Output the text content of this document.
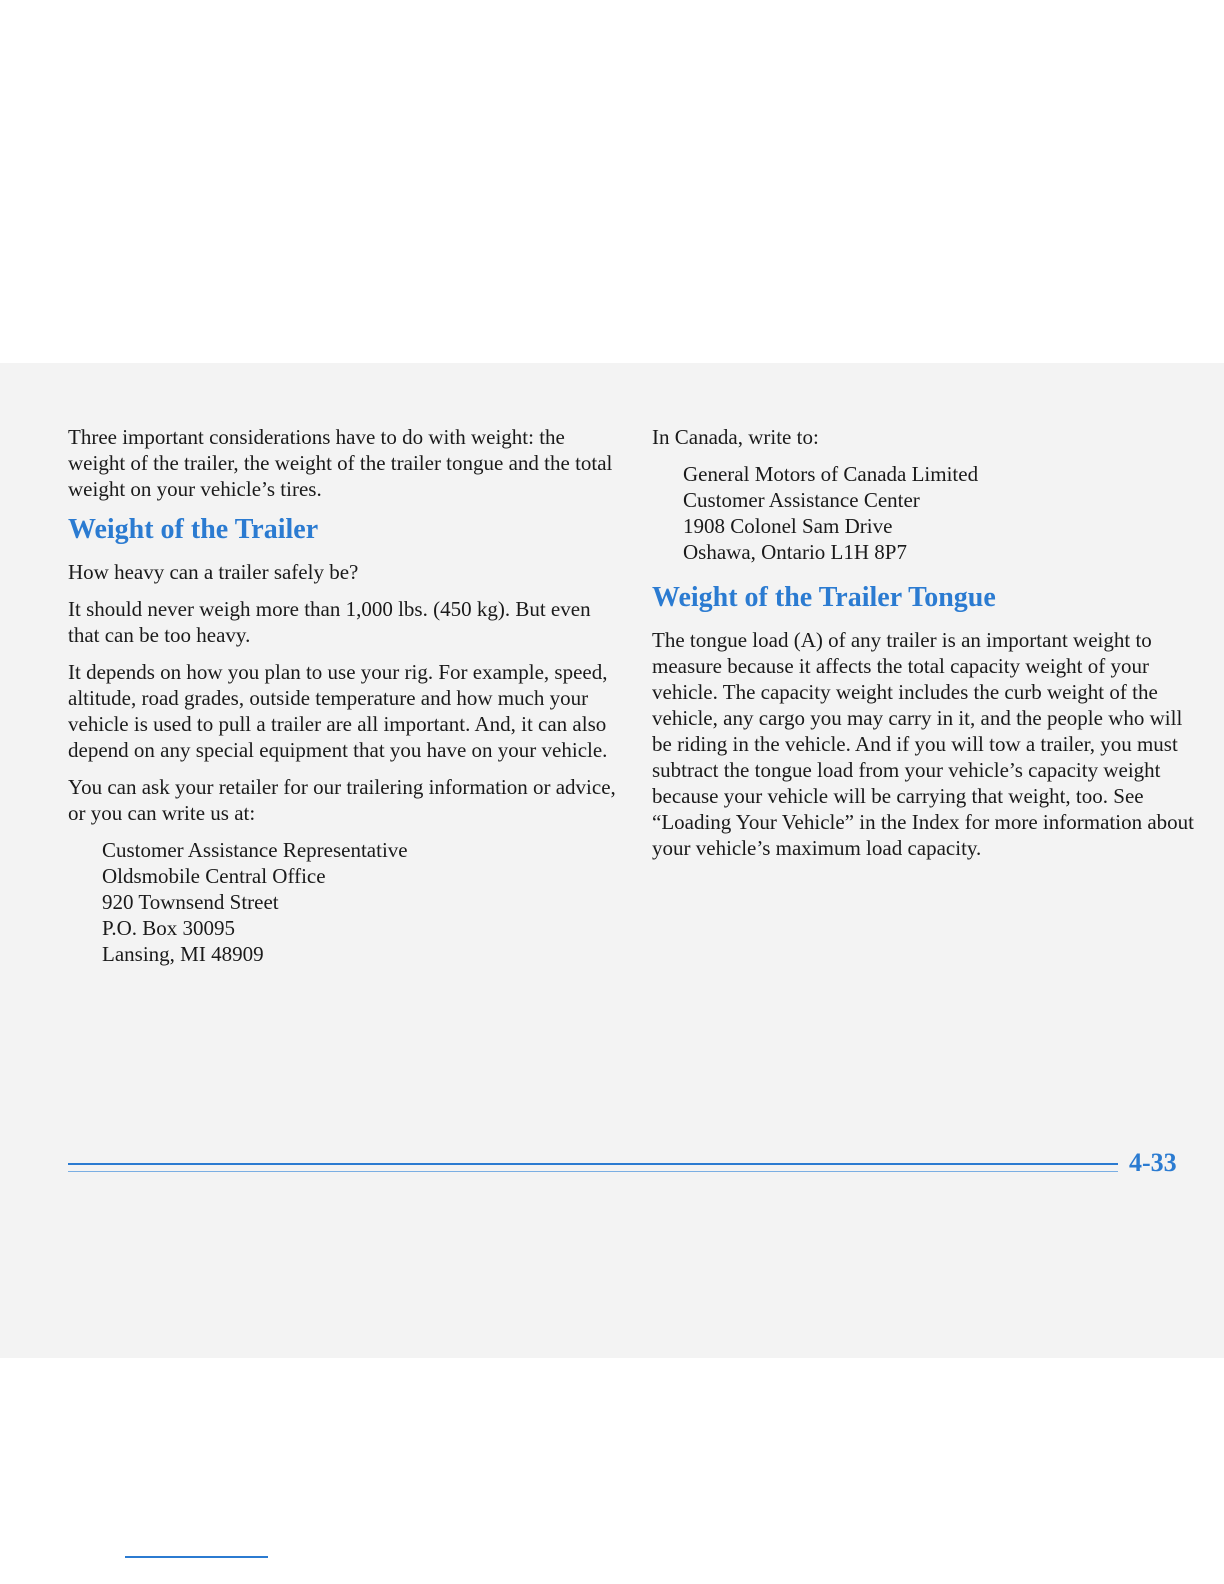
Three important considerations have to do with weight: the weight of the trailer, the weight of the trailer tongue and the total weight on your vehicle’s tires.

Weight of the Trailer

How heavy can a trailer safely be?

It should never weigh more than 1,000 lbs. (450 kg). But even that can be too heavy.

It depends on how you plan to use your rig. For example, speed, altitude, road grades, outside temperature and how much your vehicle is used to pull a trailer are all important. And, it can also depend on any special equipment that you have on your vehicle.

You can ask your retailer for our trailering information or advice, or you can write us at:

Customer Assistance Representative
Oldsmobile Central Office
920 Townsend Street
P.O. Box 30095
Lansing, MI 48909

In Canada, write to:

General Motors of Canada Limited
Customer Assistance Center
1908 Colonel Sam Drive
Oshawa, Ontario L1H 8P7
Weight of the Trailer Tongue

The tongue load (A) of any trailer is an important weight to measure because it affects the total capacity weight of your vehicle. The capacity weight includes the curb weight of the vehicle, any cargo you may carry in it, and the people who will be riding in the vehicle. And if you will tow a trailer, you must subtract the tongue load from your vehicle’s capacity weight because your vehicle will be carrying that weight, too. See “Loading Your Vehicle” in the Index for more information about your vehicle’s maximum load capacity.

4-33
